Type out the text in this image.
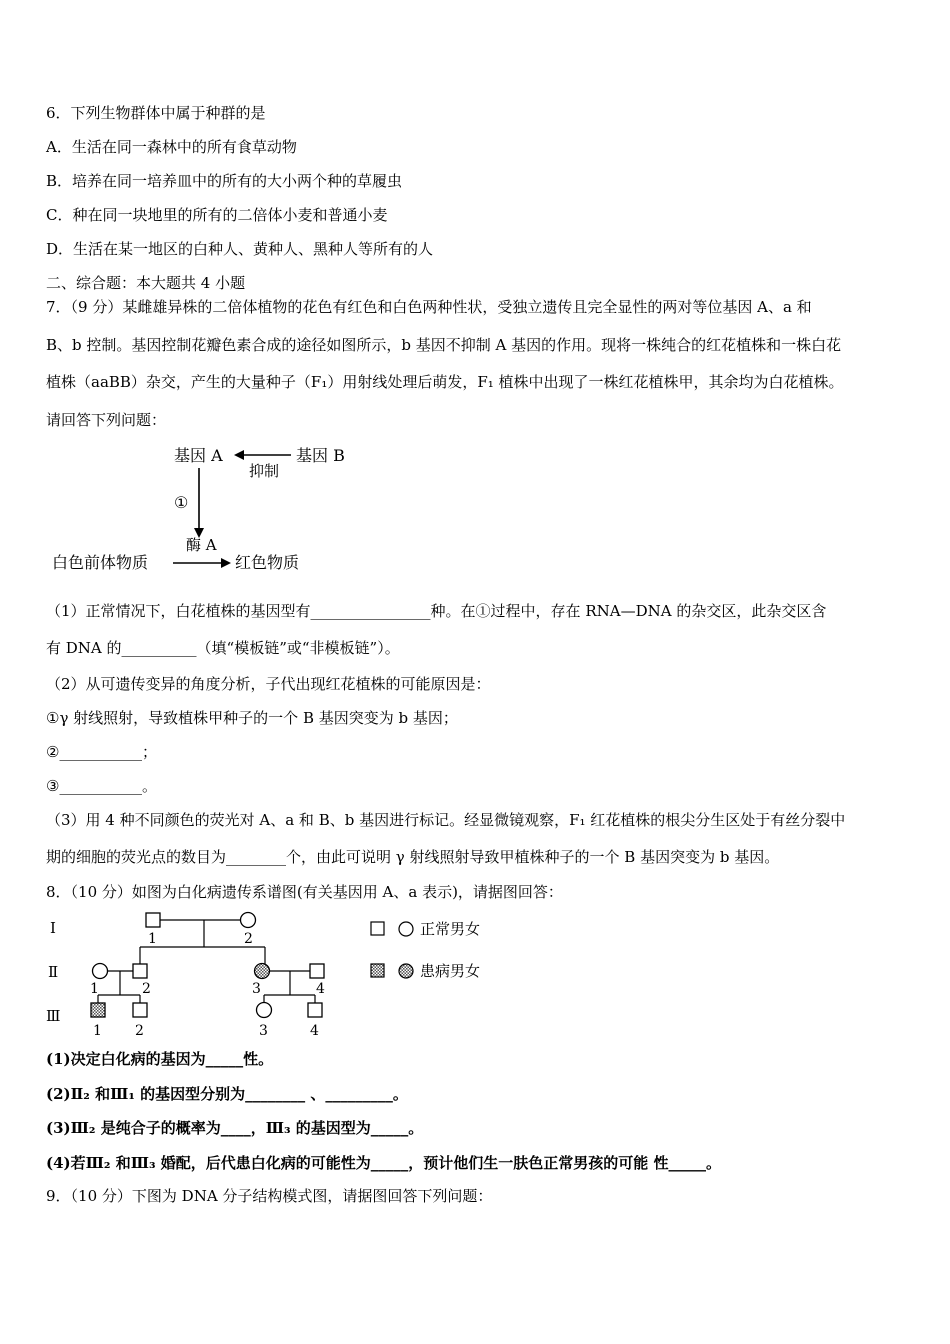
6．下列生物群体中属于种群的是
A．生活在同一森林中的所有食草动物
B．培养在同一培养皿中的所有的大小两个种的草履虫
C．种在同一块地里的所有的二倍体小麦和普通小麦
D．生活在某一地区的白种人、黄种人、黑种人等所有的人
二、综合题：本大题共 4 小题
7．（9 分）某雌雄异株的二倍体植物的花色有红色和白色两种性状，受独立遗传且完全显性的两对等位基因 A、a 和
B、b 控制。基因控制花瓣色素合成的途径如图所示，b 基因不抑制 A 基因的作用。现将一株纯合的红花植株和一株白花
植株（aaBB）杂交，产生的大量种子（F₁）用射线处理后萌发，F₁ 植株中出现了一株红花植株甲，其余均为白花植株。
请回答下列问题：
基因 A	基因 B
抑制
①
酶 A
白色前体物质	红色物质
（1）正常情况下，白花植株的基因型有________________种。在①过程中，存在 RNA—DNA 的杂交区，此杂交区含
有 DNA 的__________（填“模板链”或“非模板链”）。
（2）从可遗传变异的角度分析，子代出现红花植株的可能原因是：
①γ 射线照射，导致植株甲种子的一个 B 基因突变为 b 基因；
②___________；
③___________。
（3）用 4 种不同颜色的荧光对 A、a 和 B、b 基因进行标记。经显微镜观察，F₁ 红花植株的根尖分生区处于有丝分裂中
期的细胞的荧光点的数目为________个，由此可说明 γ 射线照射导致甲植株种子的一个 B 基因突变为 b 基因。
8．（10 分）如图为白化病遗传系谱图(有关基因用 A、a 表示)，请据图回答：
Ⅰ
Ⅱ
Ⅲ
1	2
1	2	3	4
1 2	3	4
正常男女
患病男女
(1)决定白化病的基因为_____性。
(2)Ⅱ₂ 和Ⅲ₁ 的基因型分别为________ 、_________。
(3)Ⅲ₂ 是纯合子的概率为____，Ⅲ₃ 的基因型为_____。
(4)若Ⅲ₂ 和Ⅲ₃ 婚配，后代患白化病的可能性为_____，预计他们生一肤色正常男孩的可能 性_____。
9．（10 分）下图为 DNA 分子结构模式图，请据图回答下列问题：
